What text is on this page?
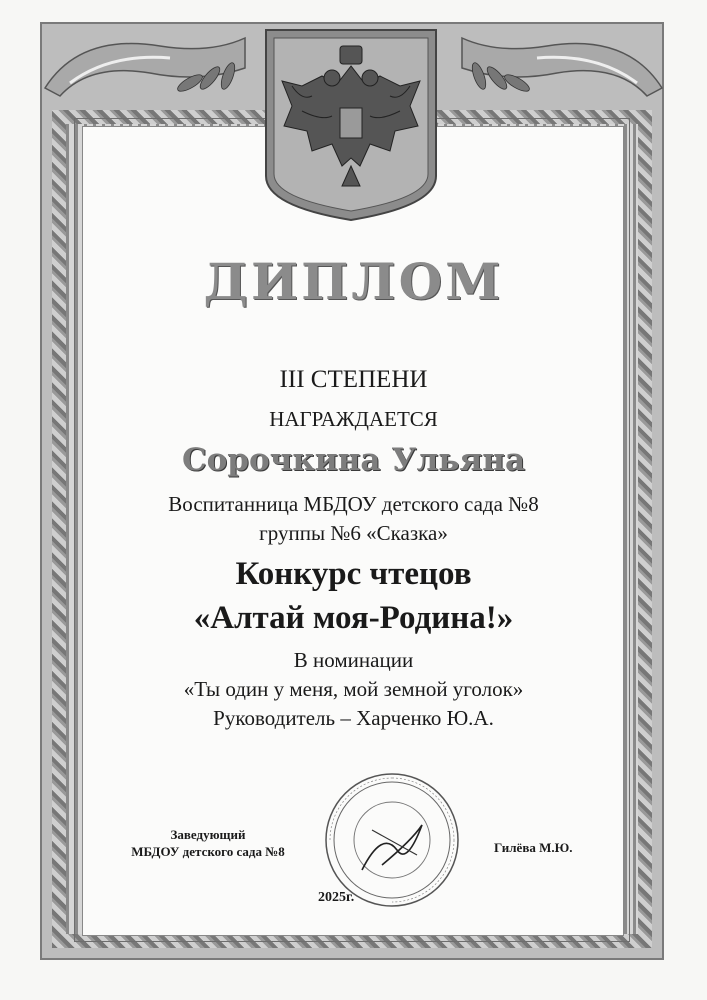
ДИПЛОМ
III СТЕПЕНИ
НАГРАЖДАЕТСЯ
Сорочкина Ульяна
Воспитанница МБДОУ детского сада №8
группы №6 «Сказка»
Конкурс чтецов
«Алтай моя-Родина!»
В номинации
«Ты один у меня, мой земной уголок»
Руководитель – Харченко Ю.А.
Заведующий
МБДОУ детского сада №8	Гилёва М.Ю.
2025г.
